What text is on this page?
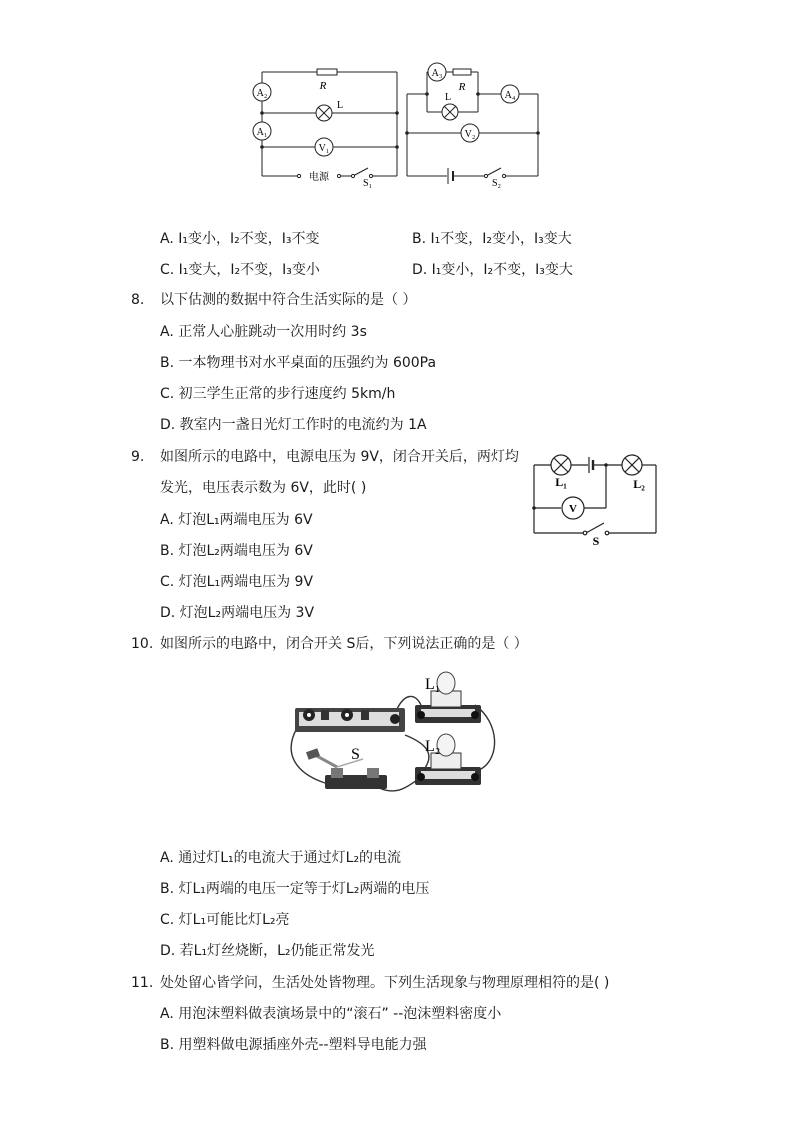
A₂
A₁
V₁
R
L
电源
S₁
A₃
A₄
V₂
R
L
S₂
A. I₁变小，I₂不变，I₃不变	B. I₁不变，I₂变小，I₃变大
C. I₁变大，I₂不变，I₃变小	D. I₁变小，I₂不变，I₃变大
8. 以下估测的数据中符合生活实际的是（ ）
A. 正常人心脏跳动一次用时约 3s
B. 一本物理书对水平桌面的压强约为 600Pa
C. 初三学生正常的步行速度约 5km/h
D. 教室内一盏日光灯工作时的电流约为 1A
9. 如图所示的电路中，电源电压为 9V，闭合开关后，两灯均
发光，电压表示数为 6V，此时( )
A. 灯泡L₁两端电压为 6V
B. 灯泡L₂两端电压为 6V
C. 灯泡L₁两端电压为 9V
D. 灯泡L₂两端电压为 3V
V
L₁	L₂
S
10. 如图所示的电路中，闭合开关 S后，下列说法正确的是（ ）
L₁
L₂
S
A. 通过灯L₁的电流大于通过灯L₂的电流
B. 灯L₁两端的电压一定等于灯L₂两端的电压
C. 灯L₁可能比灯L₂亮
D. 若L₁灯丝烧断，L₂仍能正常发光
11. 处处留心皆学问，生活处处皆物理。下列生活现象与物理原理相符的是( )
A. 用泡沫塑料做表演场景中的“滚石” --泡沫塑料密度小
B. 用塑料做电源插座外壳--塑料导电能力强
